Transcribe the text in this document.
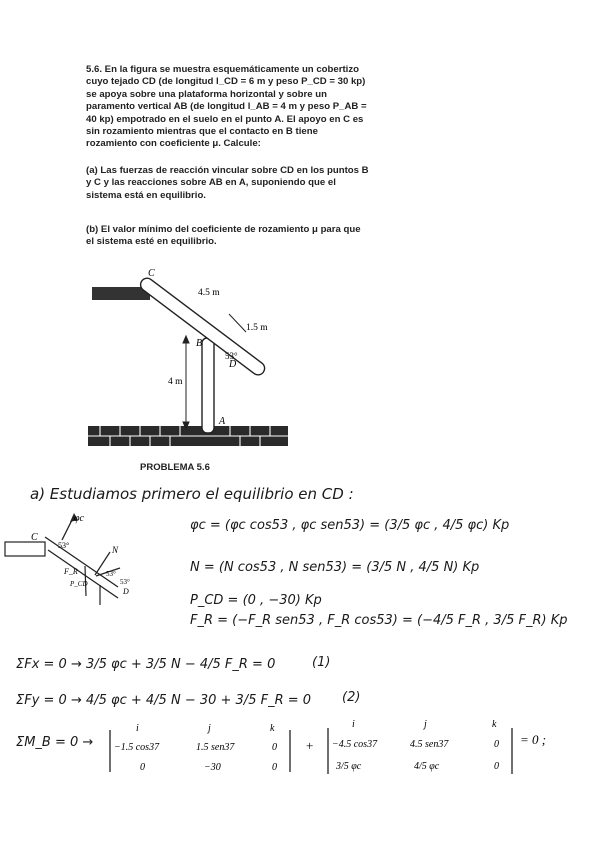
5.6. En la figura se muestra esquemáticamente un cobertizo cuyo tejado CD (de longitud l_CD = 6 m y peso P_CD = 30 kp) se apoya sobre una plataforma horizontal y sobre un paramento vertical AB (de longitud l_AB = 4 m y peso P_AB = 40 kp) empotrado en el suelo en el punto A. El apoyo en C es sin rozamiento mientras que el contacto en B tiene rozamiento con coeficiente μ. Calcule:

(a) Las fuerzas de reacción vincular sobre CD en los puntos B y C y las reacciones sobre AB en A, suponiendo que el sistema está en equilibrio.

(b) El valor mínimo del coeficiente de rozamiento μ para que el sistema esté en equilibrio.

C
B
D
A
4.5 m
1.5 m
53°
4 m
PROBLEMA 5.6
a) Estudiamos primero el equilibrio en CD :
C
φc
53°	N
53°
53°
F_R
P_CD
D
φc = (φc cos53 , φc sen53) = (3/5 φc , 4/5 φc) Kp
N = (N cos53 , N sen53) = (3/5 N , 4/5 N) Kp
P_CD = (0 , −30) Kp
F_R = (−F_R sen53 , F_R cos53) = (−4/5 F_R , 3/5 F_R) Kp
ΣFx = 0 → 3/5 φc + 3/5 N − 4/5 F_R = 0	(1)
ΣFy = 0 → 4/5 φc + 4/5 N − 30 + 3/5 F_R = 0 (2)
ΣM_B = 0 →
i	j	k
−1.5 cos37	1.5 sen37	0
0	−30	0
i	j	k
−4.5 cos37	4.5 sen37	0
3/5 φc	4/5 φc	0
+	= 0 ;
